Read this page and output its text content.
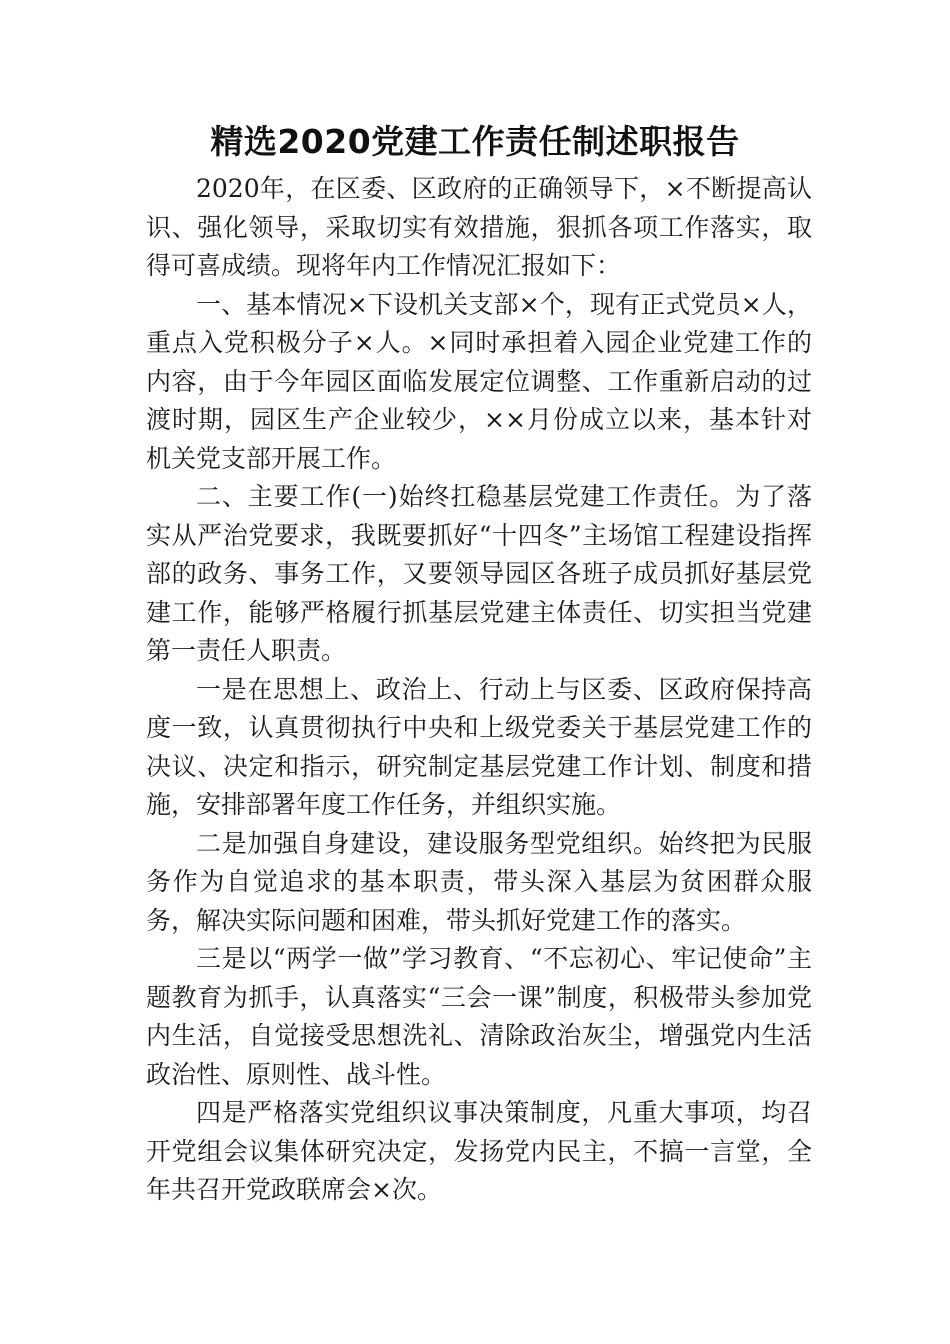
精选2020党建工作责任制述职报告

2020年，在区委、区政府的正确领导下，×不断提高认识、强化领导，采取切实有效措施，狠抓各项工作落实，取得可喜成绩。现将年内工作情况汇报如下：

一、基本情况×下设机关支部×个，现有正式党员×人，重点入党积极分子×人。×同时承担着入园企业党建工作的内容，由于今年园区面临发展定位调整、工作重新启动的过渡时期，园区生产企业较少，××月份成立以来，基本针对机关党支部开展工作。

二、主要工作(一)始终扛稳基层党建工作责任。为了落实从严治党要求，我既要抓好“十四冬”主场馆工程建设指挥部的政务、事务工作，又要领导园区各班子成员抓好基层党建工作，能够严格履行抓基层党建主体责任、切实担当党建第一责任人职责。

一是在思想上、政治上、行动上与区委、区政府保持高度一致，认真贯彻执行中央和上级党委关于基层党建工作的决议、决定和指示，研究制定基层党建工作计划、制度和措施，安排部署年度工作任务，并组织实施。

二是加强自身建设，建设服务型党组织。始终把为民服务作为自觉追求的基本职责，带头深入基层为贫困群众服务，解决实际问题和困难，带头抓好党建工作的落实。

三是以“两学一做”学习教育、“不忘初心、牢记使命”主题教育为抓手，认真落实“三会一课”制度，积极带头参加党内生活，自觉接受思想洗礼、清除政治灰尘，增强党内生活政治性、原则性、战斗性。

四是严格落实党组织议事决策制度，凡重大事项，均召开党组会议集体研究决定，发扬党内民主，不搞一言堂，全年共召开党政联席会×次。
